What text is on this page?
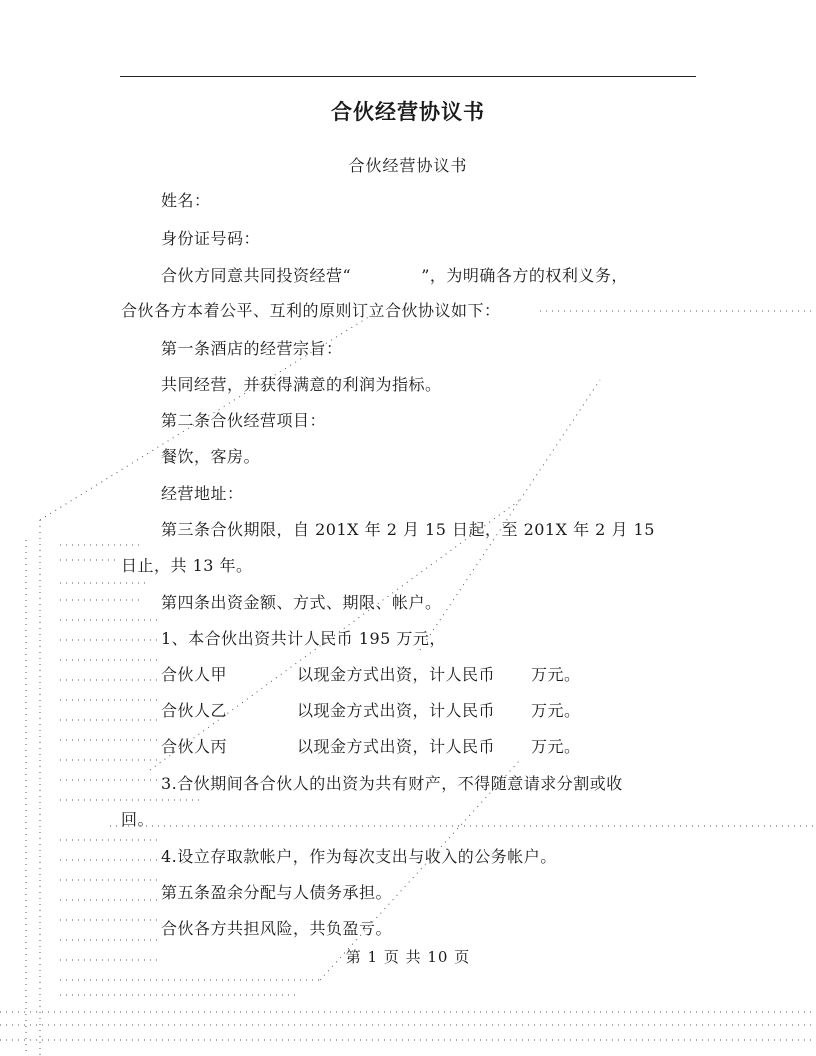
合伙经营协议书
合伙经营协议书
姓名：
身份证号码：
合伙方同意共同投资经营“	”，为明确各方的权利义务，
合伙各方本着公平、互利的原则订立合伙协议如下：
第一条酒店的经营宗旨：
共同经营，并获得满意的利润为指标。
第二条合伙经营项目：
餐饮，客房。
经营地址：
第三条合伙期限，自 201X 年 2 月 15 日起，至 201X 年 2 月 15
日止，共 13 年。
第四条出资金额、方式、期限、帐户。
1、本合伙出资共计人民币 195 万元，
合伙人甲	以现金方式出资，计人民币 万元。
合伙人乙	以现金方式出资，计人民币 万元。
合伙人丙	以现金方式出资，计人民币 万元。
3.合伙期间各合伙人的出资为共有财产，不得随意请求分割或收
回。
4.设立存取款帐户，作为每次支出与收入的公务帐户。
第五条盈余分配与人债务承担。
合伙各方共担风险，共负盈亏。
第 1 页 共 10 页
